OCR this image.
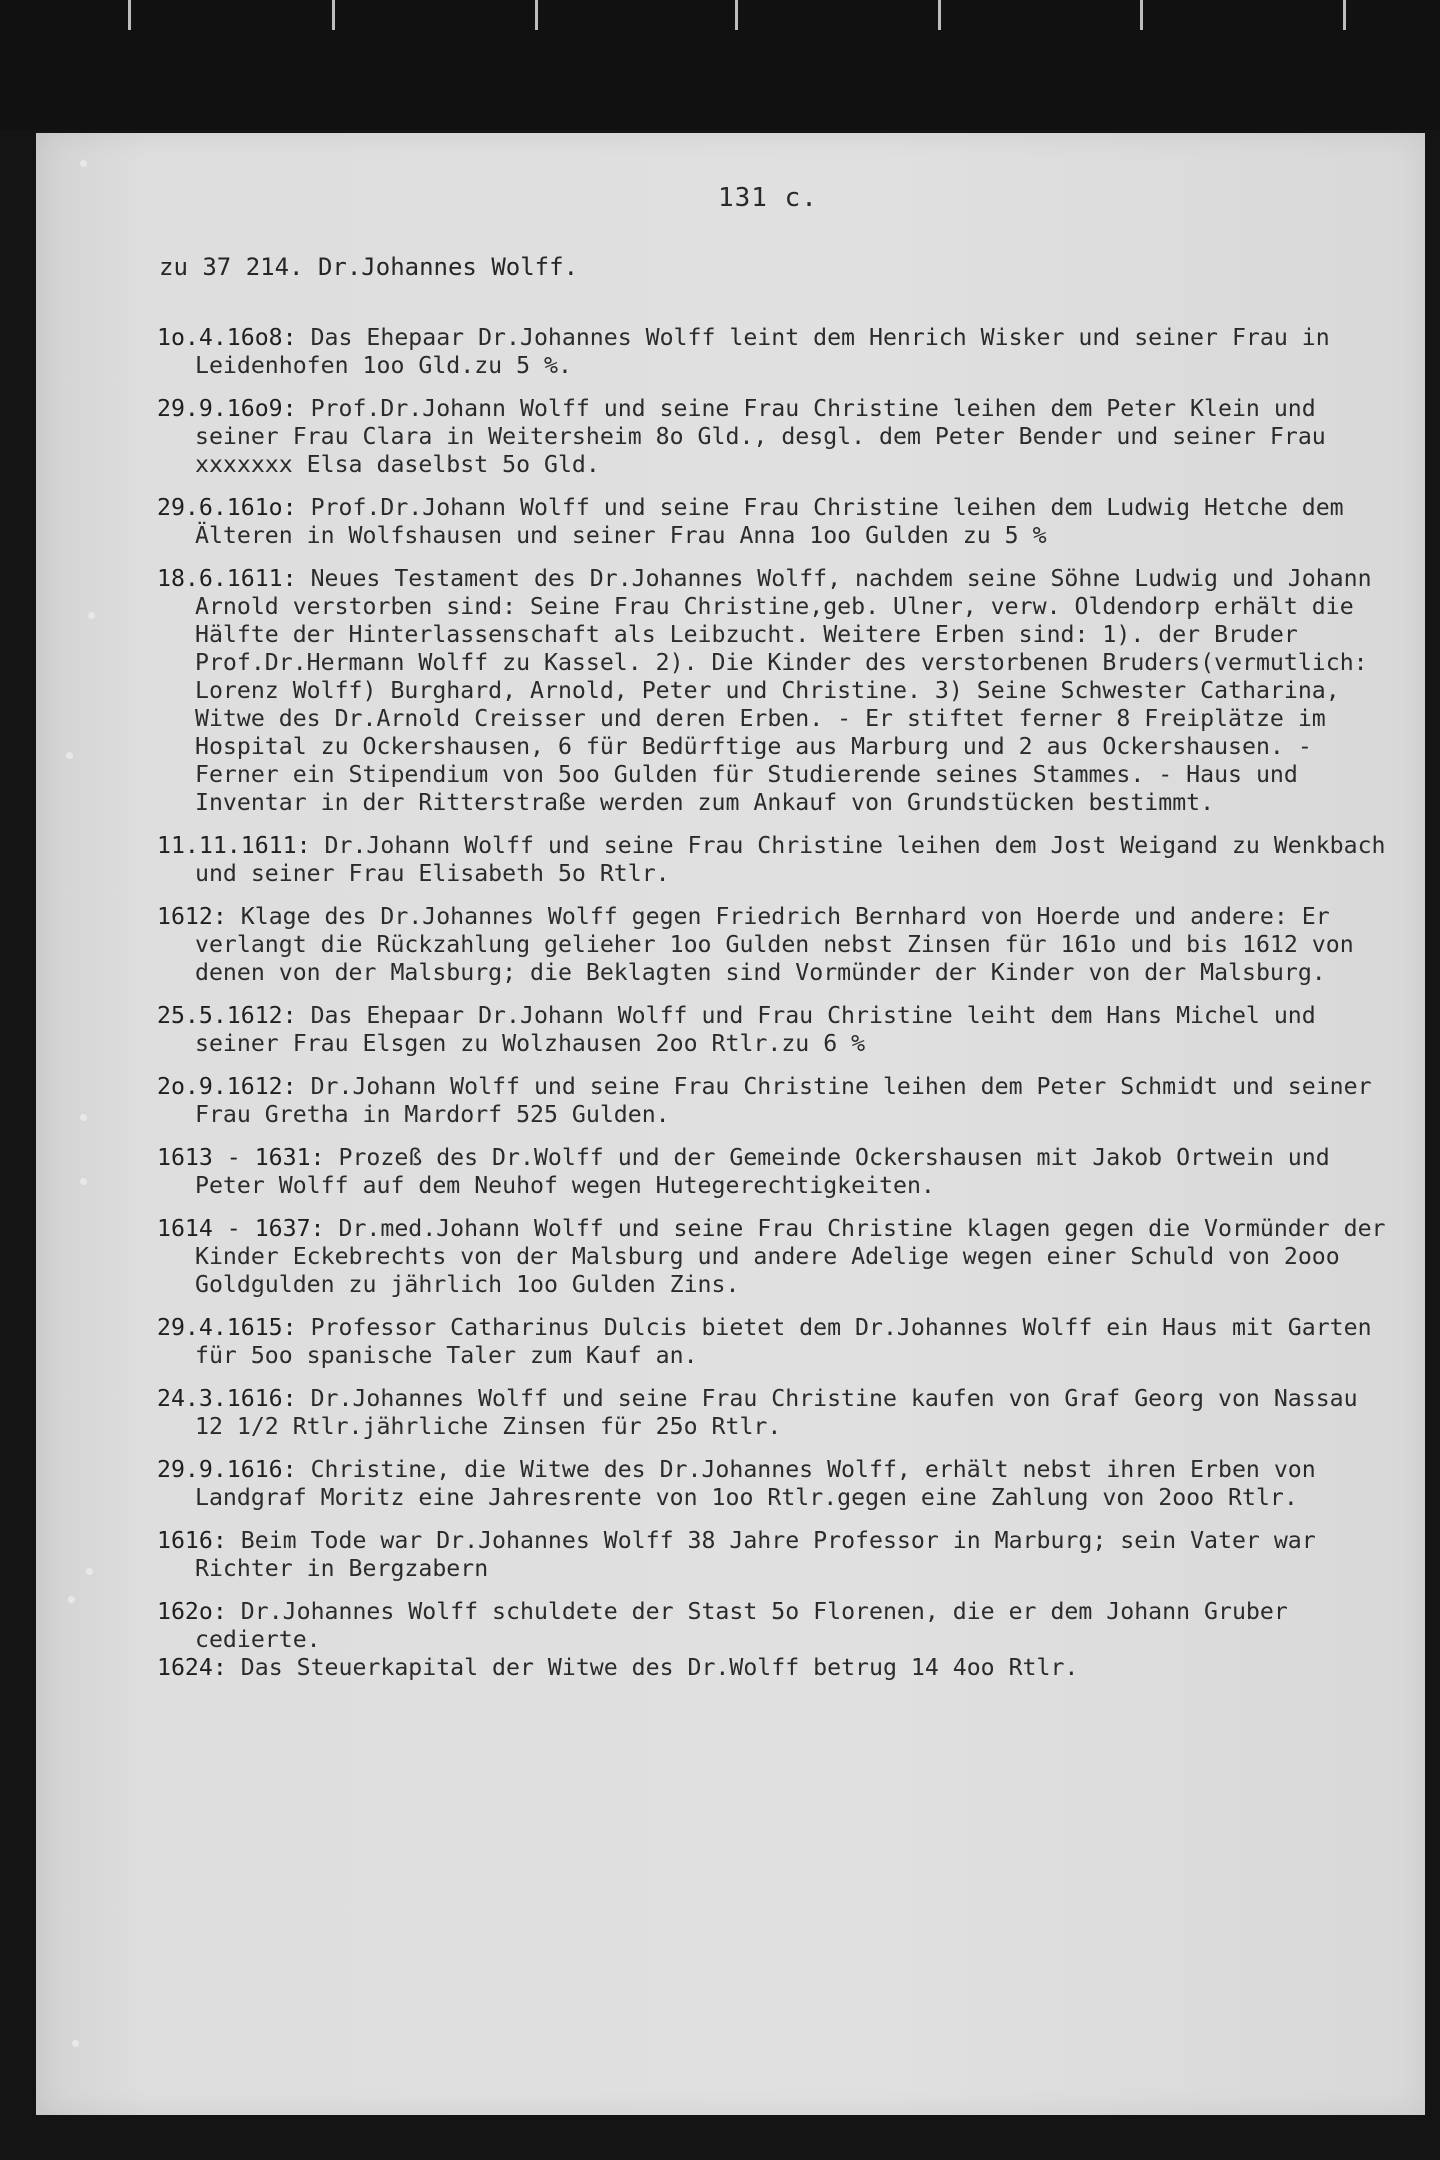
131 c.
zu 37 214. Dr.Johannes Wolff.
1o.4.16o8: Das Ehepaar Dr.Johannes Wolff leint dem Henrich Wisker und seiner Frau in Leidenhofen 1oo Gld.zu 5 %.
29.9.16o9: Prof.Dr.Johann Wolff und seine Frau Christine leihen dem Peter Klein und seiner Frau Clara in Weitersheim 8o Gld., desgl. dem Peter Bender und seiner Frau xxxxxxx Elsa daselbst 5o Gld.
29.6.161o: Prof.Dr.Johann Wolff und seine Frau Christine leihen dem Ludwig Hetche dem Älteren in Wolfshausen und seiner Frau Anna 1oo Gulden zu 5 %
18.6.1611: Neues Testament des Dr.Johannes Wolff, nachdem seine Söhne Ludwig und Johann Arnold verstorben sind: Seine Frau Christine,geb. Ulner, verw. Oldendorp erhält die Hälfte der Hinterlassenschaft als Leibzucht. Weitere Erben sind: 1). der Bruder Prof.Dr.Hermann Wolff zu Kassel. 2). Die Kinder des verstorbenen Bruders(vermutlich: Lorenz Wolff) Burghard, Arnold, Peter und Christine. 3) Seine Schwester Catharina, Witwe des Dr.Arnold Creisser und deren Erben. - Er stiftet ferner 8 Freiplätze im Hospital zu Ockershausen, 6 für Bedürftige aus Marburg und 2 aus Ockershausen. - Ferner ein Stipendium von 5oo Gulden für Studierende seines Stammes. - Haus und Inventar in der Ritterstraße werden zum Ankauf von Grundstücken bestimmt.
11.11.1611: Dr.Johann Wolff und seine Frau Christine leihen dem Jost Weigand zu Wenkbach und seiner Frau Elisabeth 5o Rtlr.
1612: Klage des Dr.Johannes Wolff gegen Friedrich Bernhard von Hoerde und andere: Er verlangt die Rückzahlung gelieher 1oo Gulden nebst Zinsen für 161o und bis 1612 von denen von der Malsburg; die Beklagten sind Vormünder der Kinder von der Malsburg.
25.5.1612: Das Ehepaar Dr.Johann Wolff und Frau Christine leiht dem Hans Michel und seiner Frau Elsgen zu Wolzhausen 2oo Rtlr.zu 6 %
2o.9.1612: Dr.Johann Wolff und seine Frau Christine leihen dem Peter Schmidt und seiner Frau Gretha in Mardorf 525 Gulden.
1613 - 1631: Prozeß des Dr.Wolff und der Gemeinde Ockershausen mit Jakob Ortwein und Peter Wolff auf dem Neuhof wegen Hutegerechtigkeiten.
1614 - 1637: Dr.med.Johann Wolff und seine Frau Christine klagen gegen die Vormünder der Kinder Eckebrechts von der Malsburg und andere Adelige wegen einer Schuld von 2ooo Goldgulden zu jährlich 1oo Gulden Zins.
29.4.1615: Professor Catharinus Dulcis bietet dem Dr.Johannes Wolff ein Haus mit Garten für 5oo spanische Taler zum Kauf an.
24.3.1616: Dr.Johannes Wolff und seine Frau Christine kaufen von Graf Georg von Nassau 12 1/2 Rtlr.jährliche Zinsen für 25o Rtlr.
29.9.1616: Christine, die Witwe des Dr.Johannes Wolff, erhält nebst ihren Erben von Landgraf Moritz eine Jahresrente von 1oo Rtlr.gegen eine Zahlung von 2ooo Rtlr.
1616: Beim Tode war Dr.Johannes Wolff 38 Jahre Professor in Marburg; sein Vater war Richter in Bergzabern
162o: Dr.Johannes Wolff schuldete der Stast 5o Florenen, die er dem Johann Gruber cedierte.
1624: Das Steuerkapital der Witwe des Dr.Wolff betrug 14 4oo Rtlr.
